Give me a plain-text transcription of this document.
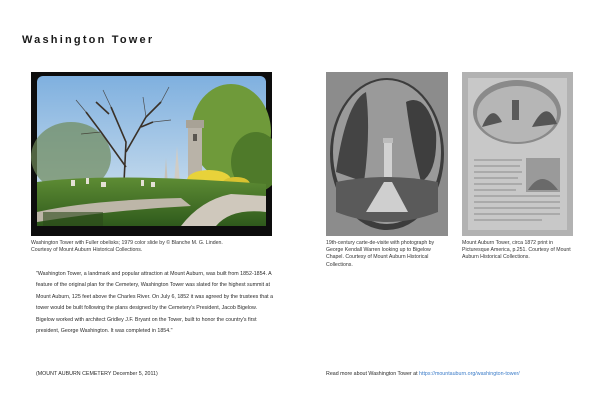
Washington Tower
Washington Tower with Fuller obelisks; 1979 color slide by © Blanche M. G. Linden.
Courtesy of Mount Auburn Historical Collections.
19th-century carte-de-visite with photograph by George Kendall Warren looking up to Bigelow Chapel. Courtesy of Mount Auburn Historical Collections.
Mount Auburn Tower, circa 1872 print in Picturesque America, p.251. Courtesy of Mount Auburn Historical Collections.
"Washington Tower, a landmark and popular attraction at Mount Auburn, was built from 1852-1854. A feature of the original plan for the Cemetery, Washington Tower was slated for the highest summit at Mount Auburn, 125 feet above the Charles River. On July 6, 1852 it was agreed by the trustees that a tower would be built following the plans designed by the Cemetery's President, Jacob Bigelow. Bigelow worked with architect Gridley J.F. Bryant on the Tower, built to honor the country's first president, George Washington. It was completed in 1854."
(MOUNT AUBURN CEMETERY December 5, 2011)	Read more about Washington Tower at https://mountauburn.org/washington-tower/
